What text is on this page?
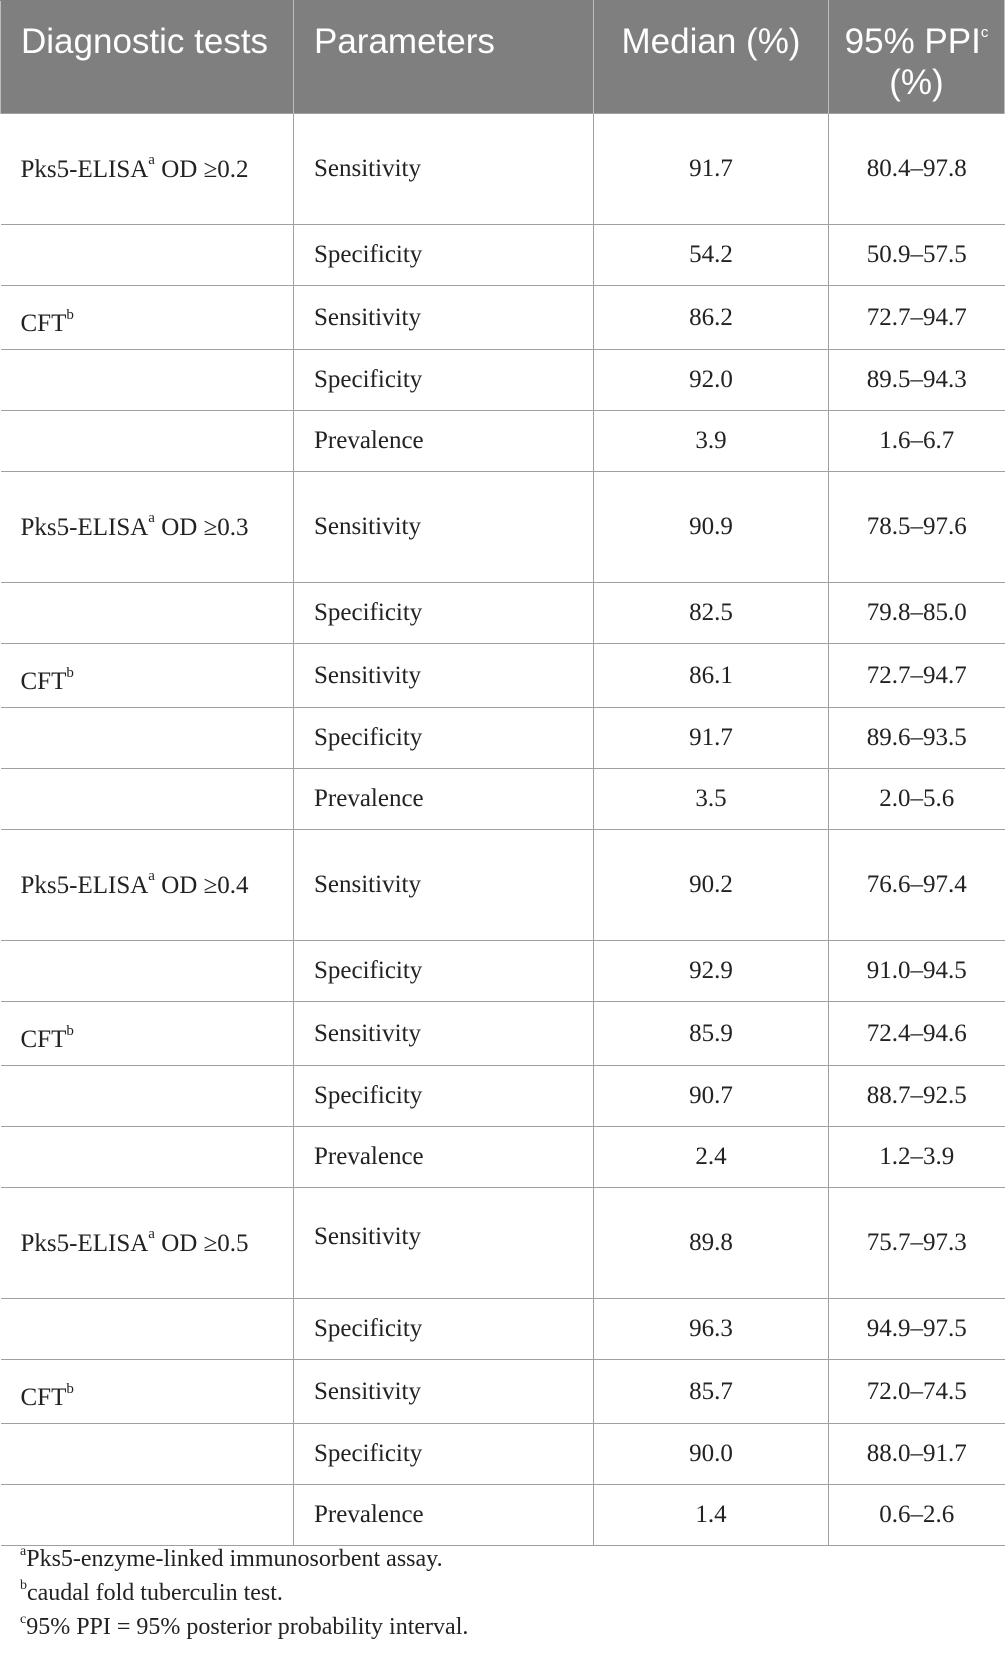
Diagnostic tests	Parameters	Median (%)	95% PPI$^c$ (%)
Pks5-ELISA$^a$ OD ≥0.2	Sensitivity	91.7	80.4–97.8
	Specificity	54.2	50.9–57.5
CFT$^b$	Sensitivity	86.2	72.7–94.7
	Specificity	92.0	89.5–94.3
	Prevalence	3.9	1.6–6.7
Pks5-ELISA$^a$ OD ≥0.3	Sensitivity	90.9	78.5–97.6
	Specificity	82.5	79.8–85.0
CFT$^b$	Sensitivity	86.1	72.7–94.7
	Specificity	91.7	89.6–93.5
	Prevalence	3.5	2.0–5.6
Pks5-ELISA$^a$ OD ≥0.4	Sensitivity	90.2	76.6–97.4
	Specificity	92.9	91.0–94.5
CFT$^b$	Sensitivity	85.9	72.4–94.6
	Specificity	90.7	88.7–92.5
	Prevalence	2.4	1.2–3.9
Pks5-ELISA$^a$ OD ≥0.5	Sensitivity	89.8	75.7–97.3
	Specificity	96.3	94.9–97.5
CFT$^b$	Sensitivity	85.7	72.0–74.5
	Specificity	90.0	88.0–91.7
	Prevalence	1.4	0.6–2.6
$^a$Pks5-enzyme-linked immunosorbent assay.
$^b$caudal fold tuberculin test.
$^c$95% PPI = 95% posterior probability interval.
